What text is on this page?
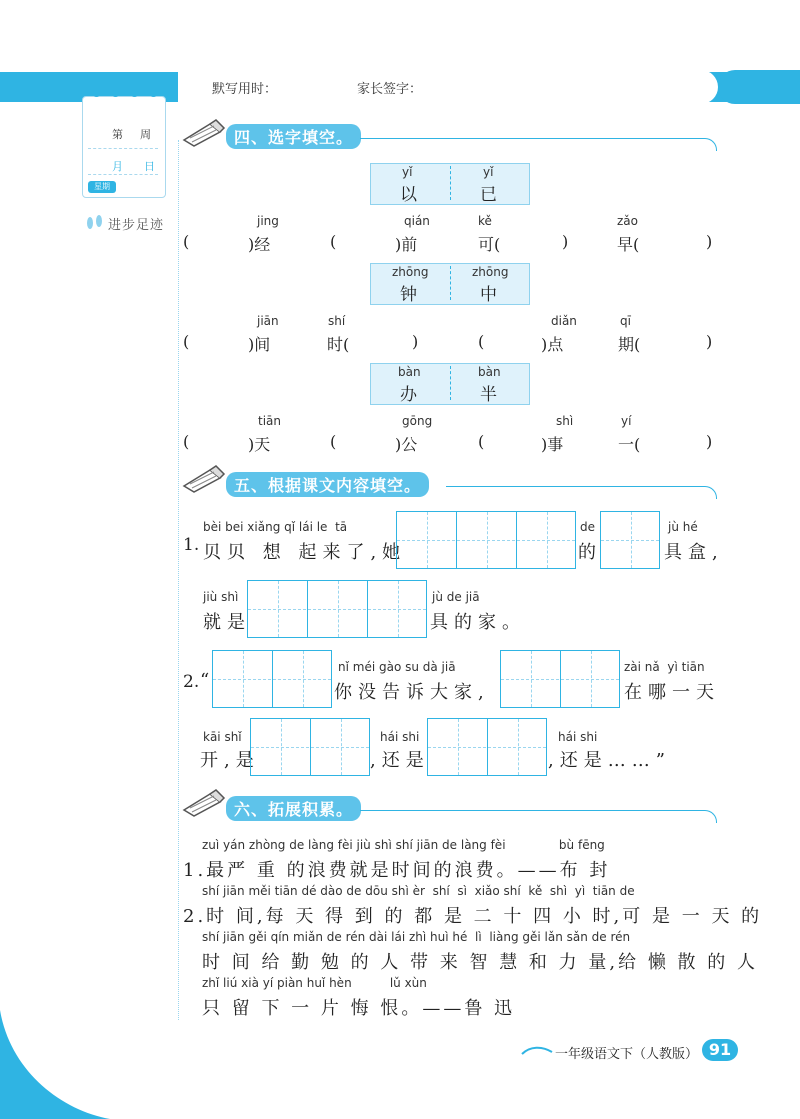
默写用时：	家长签字：
第 周
月 日
星期
进步足迹
四、选字填空。
yǐ
以
yǐ
已
jing	qián	kě	zǎo
(	)经	(	)前	可(	)	早(	)
zhōng
钟
zhōng
中
jiān	shí	diǎn	qī
(	)间	时(	)	(	)点	期(	)
bàn
办
bàn
半
tiān	gōng	shì	yí
(	)天	(	)公	(	)事	一(	)
五、根据课文内容填空。
1.
bèi bei xiǎng qǐ lái le  tā
贝贝 想 起来了,她
de
的
jù hé
具盒,
jiù shì
就是
jù de jiā
具的家。
2. “
nǐ méi gào su dà jiā
你没告诉大家,
zài nǎ  yì tiān
在哪一天
kāi shǐ
开,是
hái shi
,还是
hái shi
,还是……”
六、拓展积累。
zuì yán zhòng de làng fèi jiù shì shí jiān de làng fèi              bù fēng
1.最严 重 的浪费就是时间的浪费。——布 封
shí jiān měi tiān dé dào de dōu shì èr  shí  sì  xiǎo shí  kě  shì  yì  tiān de
2.时 间,每 天 得 到 的 都 是 二 十 四 小 时,可 是 一 天 的
shí jiān gěi qín miǎn de rén dài lái zhì huì hé  lì  liàng gěi lǎn sǎn de rén
时 间 给 勤 勉 的 人 带 来 智 慧 和 力 量,给 懒 散 的 人
zhǐ liú xià yí piàn huǐ hèn          lǔ xùn
只 留 下 一 片 悔 恨。——鲁 迅
一年级语文下（人教版） 91
